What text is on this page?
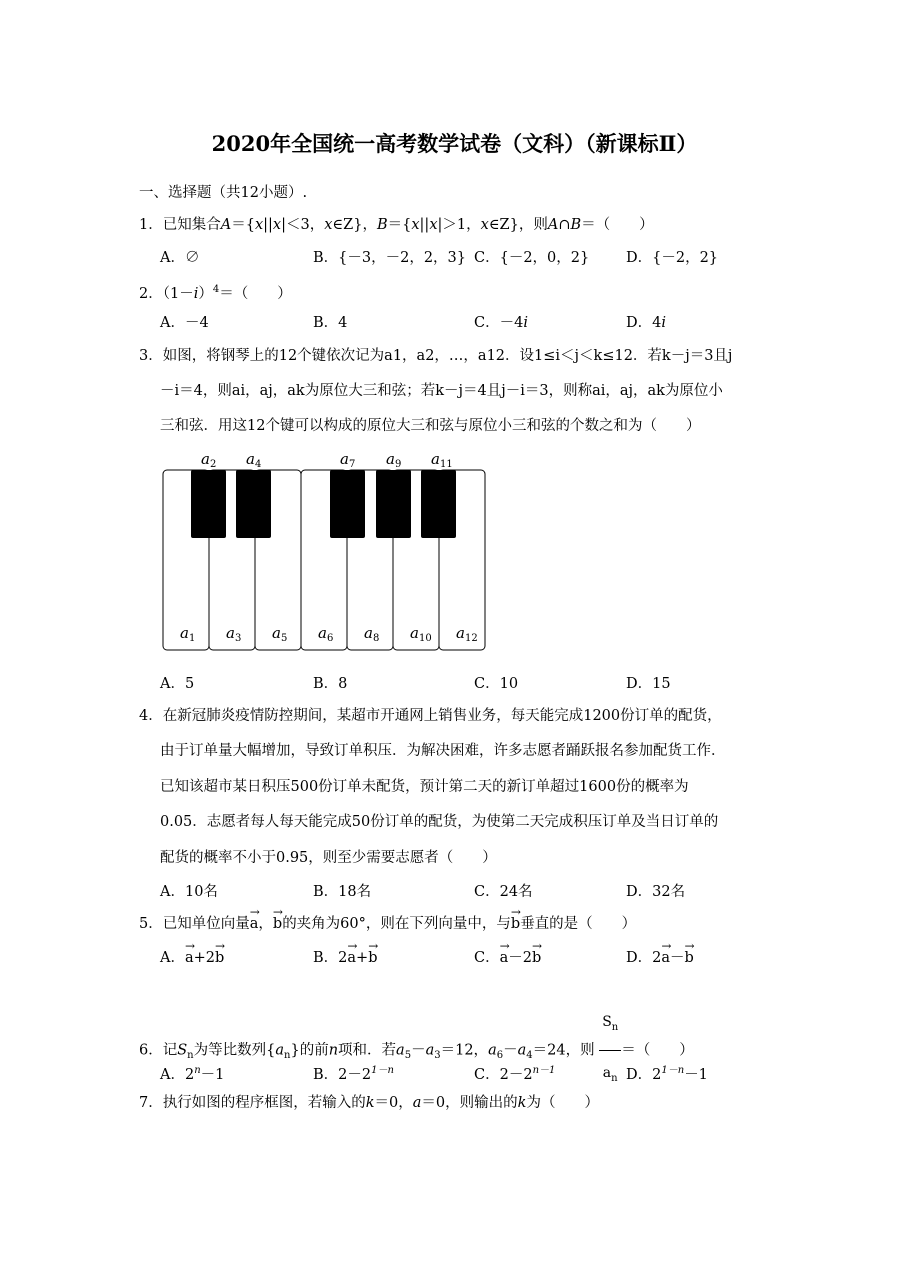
2020年全国统一高考数学试卷（文科）（新课标Ⅱ）
一、选择题（共12小题）.
1．已知集合A＝{x||x|＜3，x∈Z}，B＝{x||x|＞1，x∈Z}，则A∩B＝（　　）
A．∅	B．{－3，－2，2，3} C．{－2，0，2}	D．{－2，2}
2．$(1-i)^4=$（　　）
A．－4	B．4	C．－4i	D．4i
3．如图，将钢琴上的12个键依次记为a1，a2，…，a12．设1≤i＜j＜k≤12．若k－j＝3且j
－i＝4，则ai，aj，ak为原位大三和弦；若k－j＝4且j－i＝3，则称ai，aj，ak为原位小
三和弦．用这12个键可以构成的原位大三和弦与原位小三和弦的个数之和为（　　）
$a_1$ $a_3$ $a_5$ $a_6$ $a_8$ $a_{10}$ $a_{12}$
$a_2$ $a_4$	$a_7$ $a_9$ $a_{11}$
A．5	B．8	C．10	D．15
4．在新冠肺炎疫情防控期间，某超市开通网上销售业务，每天能完成1200份订单的配货，
由于订单量大幅增加，导致订单积压．为解决困难，许多志愿者踊跃报名参加配货工作．
已知该超市某日积压500份订单未配货，预计第二天的新订单超过1600份的概率为
0.05．志愿者每人每天能完成50份订单的配货，为使第二天完成积压订单及当日订单的
配货的概率不小于0.95，则至少需要志愿者（　　）
A．10名	B．18名	C．24名	D．32名
5．已知单位向量→ a，→ b的夹角为60°，则在下列向量中，与→ b垂直的是（　　）
A．→ a+2→ b	B．2→ a+→ b	C．→ a－2→ b	D．2→ a－→ b
6．记$S_n$为等比数列$\{a_n\}$的前n项和．若$a_5-a_3=12$，$a_6-a_4=24$，则 $\frac{S_n}{a_n}$ ＝（　　）
A．$2^n-1$	B．$2-2^{1-n}$	C．$2-2^{n-1}$	D．$2^{1-n}-1$
7．执行如图的程序框图，若输入的k＝0，a＝0，则输出的k为（　　）
